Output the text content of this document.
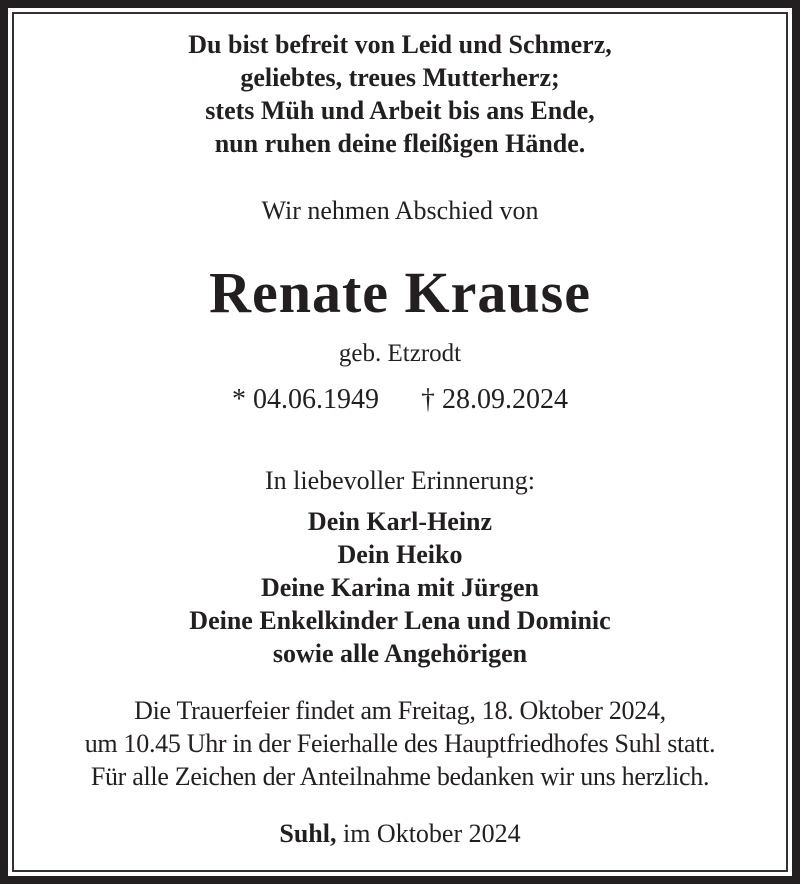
Du bist befreit von Leid und Schmerz,
geliebtes, treues Mutterherz;
stets Müh und Arbeit bis ans Ende,
nun ruhen deine fleißigen Hände.
Wir nehmen Abschied von
Renate Krause
geb. Etzrodt
* 04.06.1949 † 28.09.2024
In liebevoller Erinnerung:
Dein Karl-Heinz
Dein Heiko
Deine Karina mit Jürgen
Deine Enkelkinder Lena und Dominic
sowie alle Angehörigen
Die Trauerfeier findet am Freitag, 18. Oktober 2024,
um 10.45 Uhr in der Feierhalle des Hauptfriedhofes Suhl statt.
Für alle Zeichen der Anteilnahme bedanken wir uns herzlich.
Suhl, im Oktober 2024
